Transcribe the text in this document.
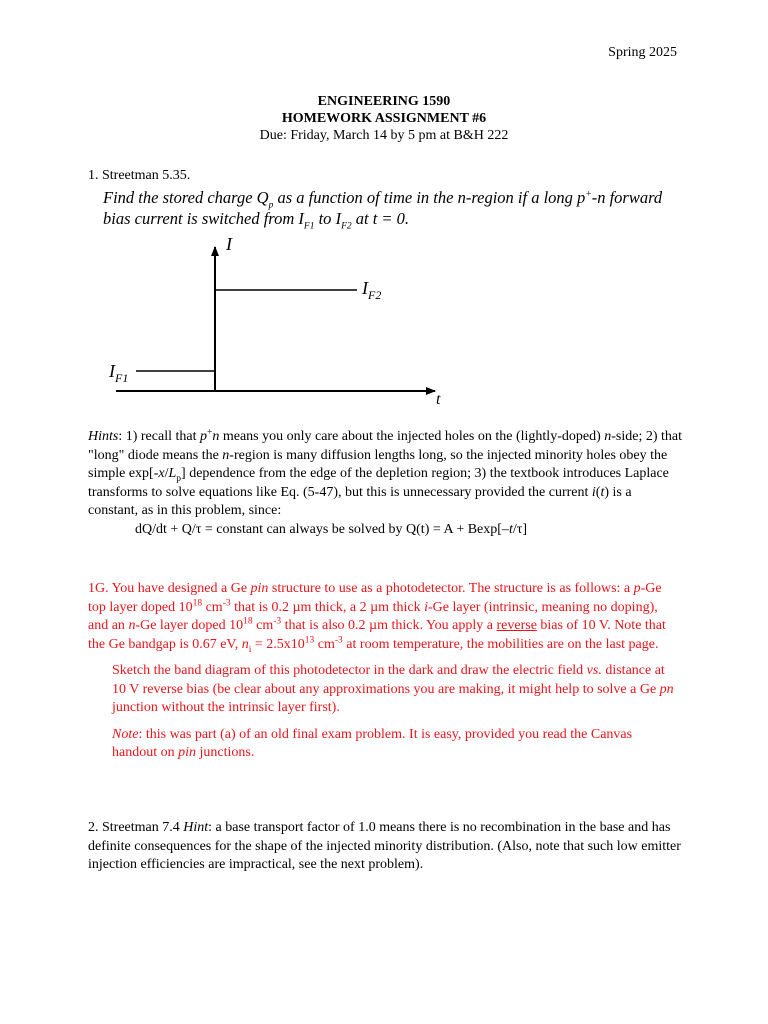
Spring 2025
ENGINEERING 1590
HOMEWORK ASSIGNMENT #6
Due: Friday, March 14 by 5 pm at B&H 222
1. Streetman 5.35.
Find the stored charge $Q_p$ as a function of time in the n-region if a long p+-n forward bias current is switched from $I_{F1}$ to $I_{F2}$ at t = 0.
I
t
$I_{F2}$
$I_{F1}$
Hints: 1) recall that p+n means you only care about the injected holes on the (lightly-doped) n-side; 2) that "long" diode means the n-region is many diffusion lengths long, so the injected minority holes obey the simple $\exp[-x/L_p]$ dependence from the edge of the depletion region; 3) the textbook introduces Laplace transforms to solve equations like Eq. (5-47), but this is unnecessary provided the current i(t) is a constant, as in this problem, since:
dQ/dt + Q/τ = constant can always be solved by Q(t) = A + Bexp[–t/τ]

1G. You have designed a Ge pin structure to use as a photodetector. The structure is as follows: a p-Ge top layer doped $10^{18}$ $cm^{-3}$ that is 0.2 µm thick, a 2 µm thick i-Ge layer (intrinsic, meaning no doping), and an n-Ge layer doped $10^{18}$ $cm^{-3}$ that is also 0.2 µm thick. You apply a reverse bias of 10 V. Note that the Ge bandgap is 0.67 eV, $n_i = 2.5x10^{13}$ $cm^{-3}$ at room temperature, the mobilities are on the last page.

Sketch the band diagram of this photodetector in the dark and draw the electric field vs. distance at 10 V reverse bias (be clear about any approximations you are making, it might help to solve a Ge pn junction without the intrinsic layer first).

Note: this was part (a) of an old final exam problem. It is easy, provided you read the Canvas handout on pin junctions.

2. Streetman 7.4 Hint: a base transport factor of 1.0 means there is no recombination in the base and has definite consequences for the shape of the injected minority distribution. (Also, note that such low emitter injection efficiencies are impractical, see the next problem).
